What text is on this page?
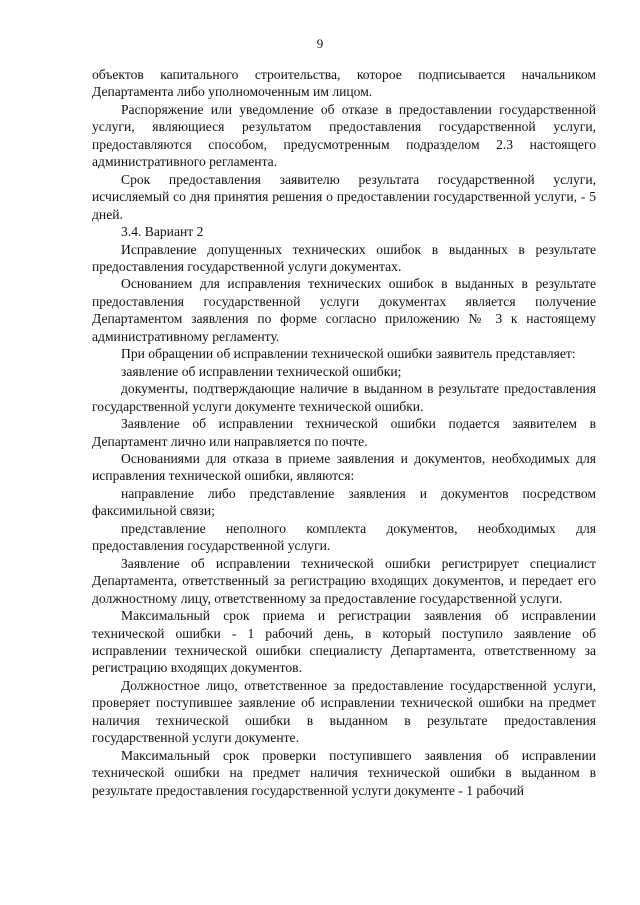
9

объектов капитального строительства, которое подписывается начальником Департамента либо уполномоченным им лицом.

Распоряжение или уведомление об отказе в предоставлении государственной услуги, являющиеся результатом предоставления государственной услуги, предоставляются способом, предусмотренным подразделом 2.3 настоящего административного регламента.

Срок предоставления заявителю результата государственной услуги, исчисляемый со дня принятия решения о предоставлении государственной услуги, - 5 дней.

3.4. Вариант 2

Исправление допущенных технических ошибок в выданных в результате предоставления государственной услуги документах.

Основанием для исправления технических ошибок в выданных в результате предоставления государственной услуги документах является получение Департаментом заявления по форме согласно приложению № 3 к настоящему административному регламенту.

При обращении об исправлении технической ошибки заявитель представляет:

заявление об исправлении технической ошибки;

документы, подтверждающие наличие в выданном в результате предоставления государственной услуги документе технической ошибки.

Заявление об исправлении технической ошибки подается заявителем в Департамент лично или направляется по почте.

Основаниями для отказа в приеме заявления и документов, необходимых для исправления технической ошибки, являются:

направление либо представление заявления и документов посредством факсимильной связи;

представление неполного комплекта документов, необходимых для предоставления государственной услуги.

Заявление об исправлении технической ошибки регистрирует специалист Департамента, ответственный за регистрацию входящих документов, и передает его должностному лицу, ответственному за предоставление государственной услуги.

Максимальный срок приема и регистрации заявления об исправлении технической ошибки - 1 рабочий день, в который поступило заявление об исправлении технической ошибки специалисту Департамента, ответственному за регистрацию входящих документов.

Должностное лицо, ответственное за предоставление государственной услуги, проверяет поступившее заявление об исправлении технической ошибки на предмет наличия технической ошибки в выданном в результате предоставления государственной услуги документе.

Максимальный срок проверки поступившего заявления об исправлении технической ошибки на предмет наличия технической ошибки в выданном в результате предоставления государственной услуги документе - 1 рабочий
